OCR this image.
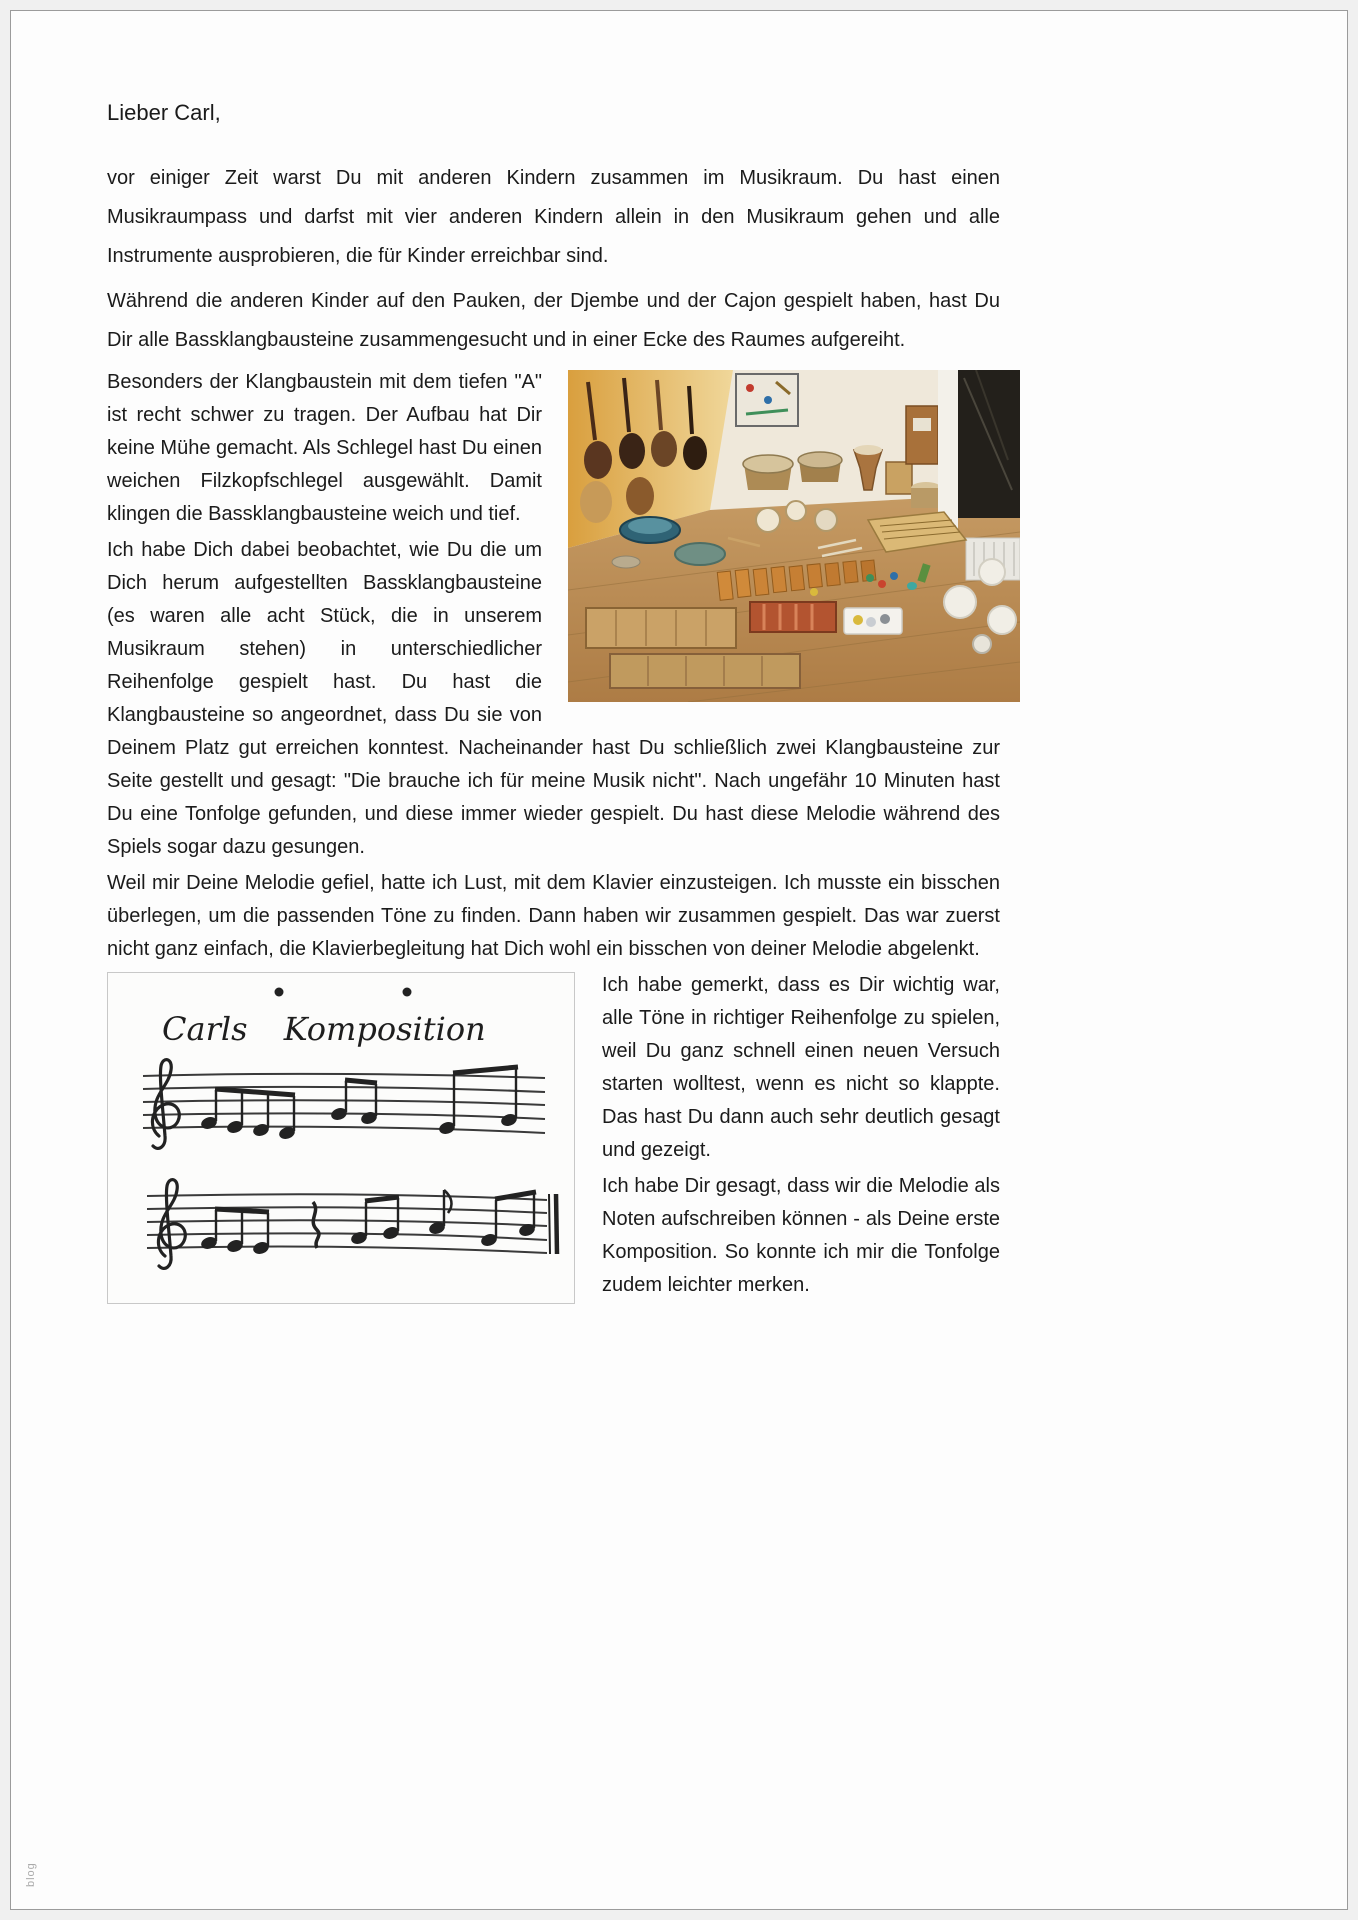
Lieber Carl,

vor einiger Zeit warst Du mit anderen Kindern zusammen im Musikraum. Du hast einen Musikraumpass und darfst mit vier anderen Kindern allein in den Musikraum gehen und alle Instrumente ausprobieren, die für Kinder erreichbar sind.

Während die anderen Kinder auf den Pauken, der Djembe und der Cajon gespielt haben, hast Du Dir alle Bassklangbausteine zusammengesucht und in einer Ecke des Raumes aufgereiht.

Besonders der Klangbaustein mit dem tiefen "A" ist recht schwer zu tragen. Der Aufbau hat Dir keine Mühe gemacht. Als Schlegel hast Du einen weichen Filzkopfschlegel ausgewählt. Damit klingen die Bassklangbausteine weich und tief.

Ich habe Dich dabei beobachtet, wie Du die um Dich herum aufgestellten Bassklangbausteine (es waren alle acht Stück, die in unserem Musikraum stehen) in unterschiedlicher Reihenfolge gespielt hast. Du hast die Klangbausteine so angeordnet, dass Du sie von Deinem Platz gut erreichen konntest. Nacheinander hast Du schließlich zwei Klangbausteine zur Seite gestellt und gesagt: "Die brauche ich für meine Musik nicht". Nach ungefähr 10 Minuten hast Du eine Tonfolge gefunden, und diese immer wieder gespielt. Du hast diese Melodie während des Spiels sogar dazu gesungen.

Weil mir Deine Melodie gefiel, hatte ich Lust, mit dem Klavier einzusteigen. Ich musste ein bisschen überlegen, um die passenden Töne zu finden. Dann haben wir zusammen gespielt. Das war zuerst nicht ganz einfach, die Klavierbegleitung hat Dich wohl ein
Carls Komposition
bisschen von deiner Melodie abgelenkt.

Ich habe gemerkt, dass es Dir wichtig war, alle Töne in richtiger Reihenfolge zu spielen, weil Du ganz schnell einen neuen Versuch starten wolltest, wenn es nicht so klappte. Das hast Du dann auch sehr deutlich gesagt und gezeigt.

Ich habe Dir gesagt, dass wir die Melodie als Noten aufschreiben können - als Deine erste Komposition. So konnte ich mir die Tonfolge zudem leichter merken.

blog
